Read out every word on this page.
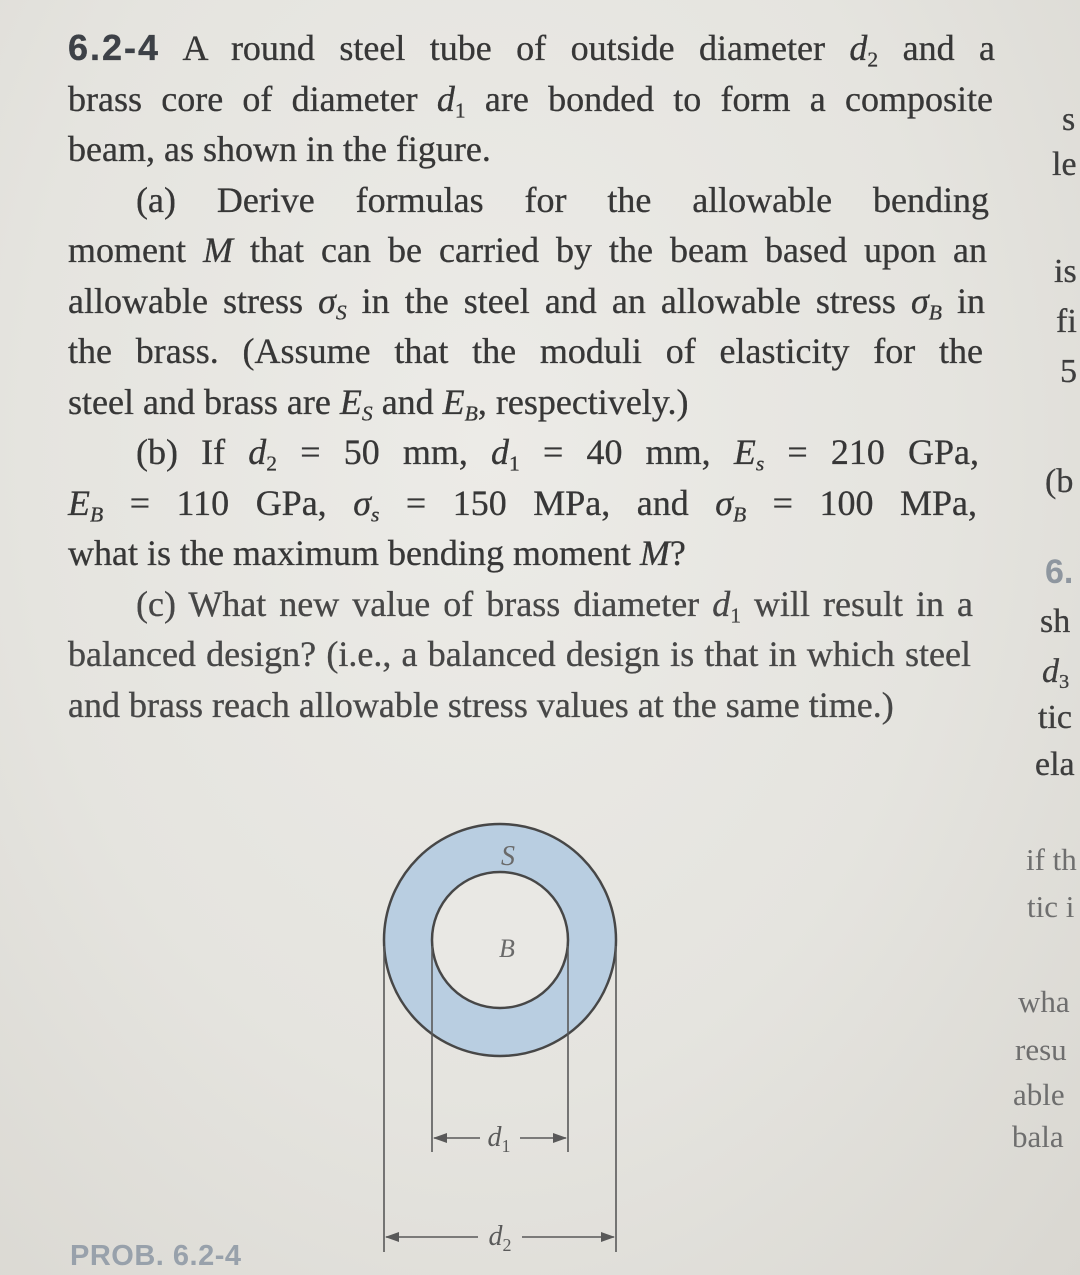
6.2-4 A round steel tube of outside diameter $d_2$ and a
brass core of diameter $d_1$ are bonded to form a composite
beam, as shown in the figure.
(a) Derive formulas for the allowable bending
moment M that can be carried by the beam based upon an
allowable stress $\sigma_S$ in the steel and an allowable stress $\sigma_B$ in
the brass. (Assume that the moduli of elasticity for the
steel and brass are $E_S$ and $E_B$, respectively.)
(b) If $d_2 = 50$ mm, $d_1 = 40$ mm, $E_s = 210$ GPa,
$E_B = 110$ GPa, $\sigma_s = 150$ MPa, and $\sigma_B = 100$ MPa,
what is the maximum bending moment M?
(c) What new value of brass diameter $d_1$ will result in a
balanced design? (i.e., a balanced design is that in which steel
and brass reach allowable stress values at the same time.)
S
B
$d_1$
$d_2$
PROB. 6.2-4
s
le
is
fi
5
(b
6.
sh
$d_3$
tic
ela
if th
tic i
wha
resu
able
bala
